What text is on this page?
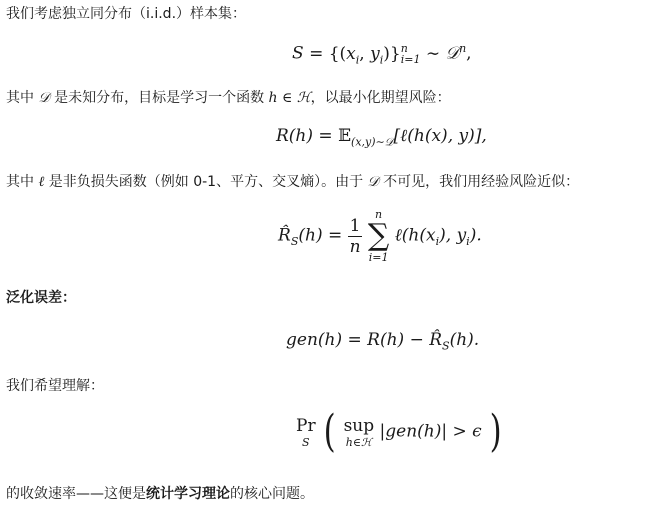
我们考虑独立同分布（i.i.d.）样本集：
$S = \{(x_i$, $y_i$)} n
i=1 ∼ 𝒟$^n$,
其中 𝒟 是未知分布，目标是学习一个函数 h ∈ ℋ，以最小化期望风险：
R(h) = 𝔼$_{(x,y)\sim 𝒟}$[ℓ(h(x), y)],
其中 ℓ 是非负损失函数（例如 0-1、平方、交叉熵）。由于 𝒟 不可见，我们用经验风险近似：
$R̂_S(h) = \frac{1}{n}$

n
∑
i=1
$\ell(h(x_i)$, $y_i$).
泛化误差：
$gen(h) = R(h) - R̂_S(h)$.
我们希望理解：
Pr
S ( sup
h∈ℋ
|gen(h)| > ϵ )
的收敛速率——这便是统计学习理论的核心问题。
